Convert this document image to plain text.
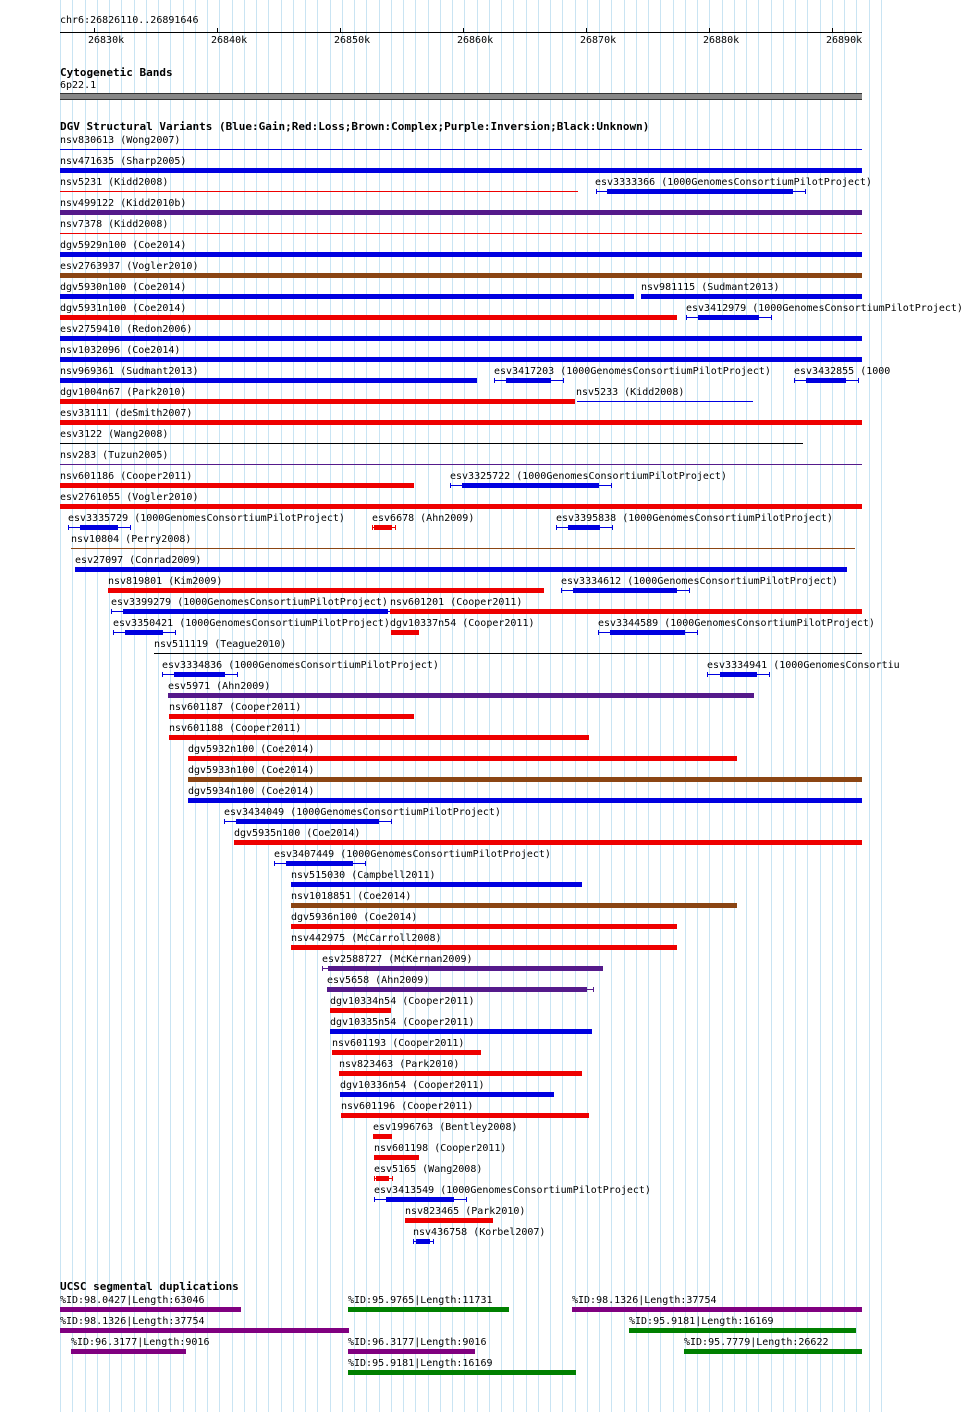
chr6:26826110..26891646
26830k	26840k	26850k	26860k	26870k	26880k	26890k
Cytogenetic Bands
6p22.1
DGV Structural Variants (Blue:Gain;Red:Loss;Brown:Complex;Purple:Inversion;Black:Unknown)
nsv830613 (Wong2007)
nsv471635 (Sharp2005)
nsv5231 (Kidd2008)	esv3333366 (1000GenomesConsortiumPilotProject)
nsv499122 (Kidd2010b)
nsv7378 (Kidd2008)
dgv5929n100 (Coe2014)
esv2763937 (Vogler2010)
dgv5930n100 (Coe2014)	nsv981115 (Sudmant2013)
dgv5931n100 (Coe2014)	esv3412979 (1000GenomesConsortiumPilotProject)
esv2759410 (Redon2006)
nsv1032096 (Coe2014)
nsv969361 (Sudmant2013)	esv3417203 (1000GenomesConsortiumPilotProject) esv3432855 (1000
dgv1004n67 (Park2010)	nsv5233 (Kidd2008)
esv33111 (deSmith2007)
esv3122 (Wang2008)
nsv283 (Tuzun2005)
nsv601186 (Cooper2011)	esv3325722 (1000GenomesConsortiumPilotProject)
esv2761055 (Vogler2010)
esv3335729 (1000GenomesConsortiumPilotProject)	esv6678 (Ahn2009)	esv3395838 (1000GenomesConsortiumPilotProject)
nsv10804 (Perry2008)
esv27097 (Conrad2009)
nsv819801 (Kim2009)	esv3334612 (1000GenomesConsortiumPilotProject)
esv3399279 (1000GenomesConsortiumPilotProject) nsv601201 (Cooper2011)
esv3350421 (1000GenomesConsortiumPilotProject) dgv10337n54 (Cooper2011)	esv3344589 (1000GenomesConsortiumPilotProject)
nsv511119 (Teague2010)
esv3334836 (1000GenomesConsortiumPilotProject)	esv3334941 (1000GenomesConsortiu
esv5971 (Ahn2009)
nsv601187 (Cooper2011)
nsv601188 (Cooper2011)
dgv5932n100 (Coe2014)
dgv5933n100 (Coe2014)
dgv5934n100 (Coe2014)
esv3434049 (1000GenomesConsortiumPilotProject)
dgv5935n100 (Coe2014)
esv3407449 (1000GenomesConsortiumPilotProject)
nsv515030 (Campbell2011)
nsv1018851 (Coe2014)
dgv5936n100 (Coe2014)
nsv442975 (McCarroll2008)
esv2588727 (McKernan2009)
esv5658 (Ahn2009)
dgv10334n54 (Cooper2011)
dgv10335n54 (Cooper2011)
nsv601193 (Cooper2011)
nsv823463 (Park2010)
dgv10336n54 (Cooper2011)
nsv601196 (Cooper2011)
esv1996763 (Bentley2008)
nsv601198 (Cooper2011)
esv5165 (Wang2008)
esv3413549 (1000GenomesConsortiumPilotProject)
nsv823465 (Park2010)
nsv436758 (Korbel2007)
UCSC segmental duplications
%ID:98.0427|Length:63046	%ID:95.9765|Length:11731	%ID:98.1326|Length:37754
%ID:98.1326|Length:37754	%ID:95.9181|Length:16169
%ID:96.3177|Length:9016	%ID:96.3177|Length:9016	%ID:95.7779|Length:26622
%ID:95.9181|Length:16169
